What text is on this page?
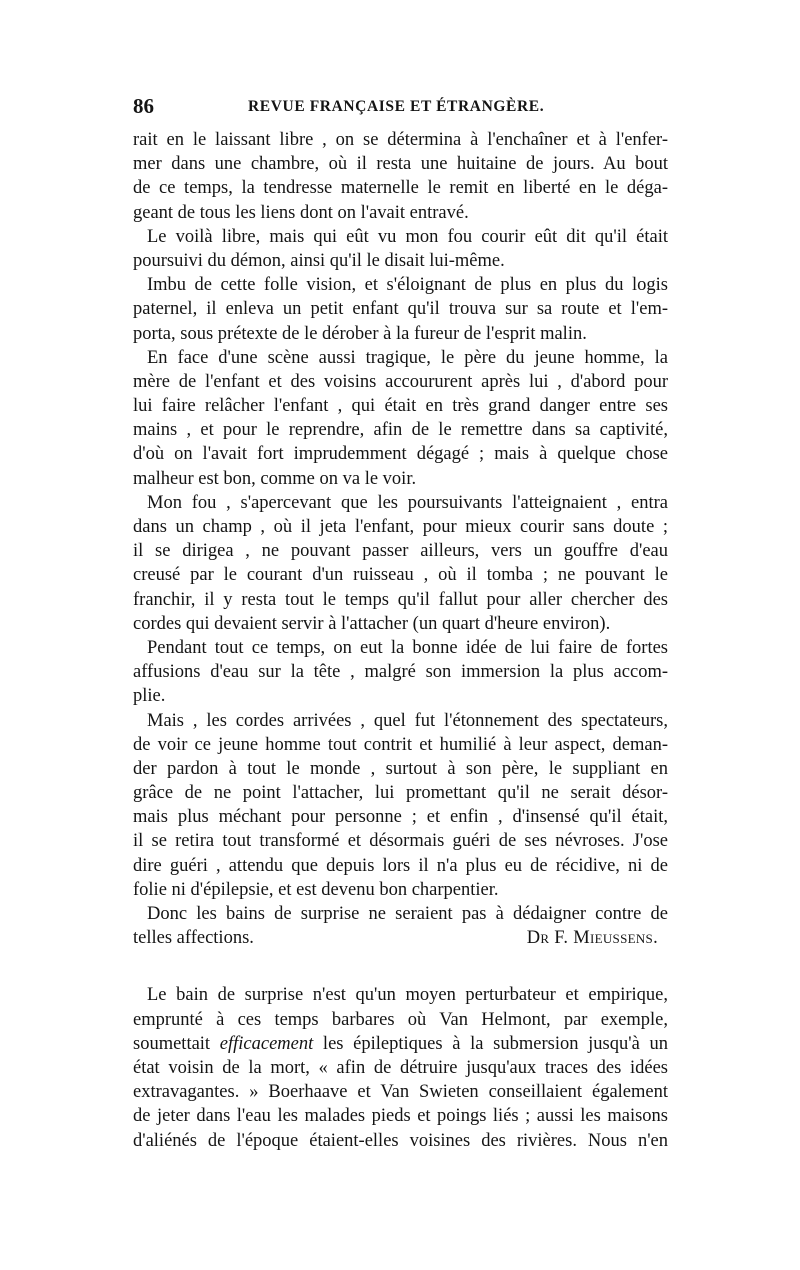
86	REVUE FRANÇAISE ET ÉTRANGÈRE.
rait en le laissant libre , on se détermina à l'enchaîner et à l'enfer-
mer dans une chambre, où il resta une huitaine de jours. Au bout
de ce temps, la tendresse maternelle le remit en liberté en le déga-
geant de tous les liens dont on l'avait entravé.
Le voilà libre, mais qui eût vu mon fou courir eût dit qu'il était
poursuivi du démon, ainsi qu'il le disait lui-même.
Imbu de cette folle vision, et s'éloignant de plus en plus du logis
paternel, il enleva un petit enfant qu'il trouva sur sa route et l'em-
porta, sous prétexte de le dérober à la fureur de l'esprit malin.
En face d'une scène aussi tragique, le père du jeune homme, la
mère de l'enfant et des voisins accoururent après lui , d'abord pour
lui faire relâcher l'enfant , qui était en très grand danger entre ses
mains , et pour le reprendre, afin de le remettre dans sa captivité,
d'où on l'avait fort imprudemment dégagé ; mais à quelque chose
malheur est bon, comme on va le voir.
Mon fou , s'apercevant que les poursuivants l'atteignaient , entra
dans un champ , où il jeta l'enfant, pour mieux courir sans doute ;
il se dirigea , ne pouvant passer ailleurs, vers un gouffre d'eau
creusé par le courant d'un ruisseau , où il tomba ; ne pouvant le
franchir, il y resta tout le temps qu'il fallut pour aller chercher des
cordes qui devaient servir à l'attacher (un quart d'heure environ).
Pendant tout ce temps, on eut la bonne idée de lui faire de fortes
affusions d'eau sur la tête , malgré son immersion la plus accom-
plie.
Mais , les cordes arrivées , quel fut l'étonnement des spectateurs,
de voir ce jeune homme tout contrit et humilié à leur aspect, deman-
der pardon à tout le monde , surtout à son père, le suppliant en
grâce de ne point l'attacher, lui promettant qu'il ne serait désor-
mais plus méchant pour personne ; et enfin , d'insensé qu'il était,
il se retira tout transformé et désormais guéri de ses névroses. J'ose
dire guéri , attendu que depuis lors il n'a plus eu de récidive, ni de
folie ni d'épilepsie, et est devenu bon charpentier.
Donc les bains de surprise ne seraient pas à dédaigner contre de
telles affections.	Dr F. Mieussens.
Le bain de surprise n'est qu'un moyen perturbateur et empirique,
emprunté à ces temps barbares où Van Helmont, par exemple,
soumettait efficacement les épileptiques à la submersion jusqu'à un
état voisin de la mort, « afin de détruire jusqu'aux traces des idées
extravagantes. » Boerhaave et Van Swieten conseillaient également
de jeter dans l'eau les malades pieds et poings liés ; aussi les maisons
d'aliénés de l'époque étaient-elles voisines des rivières. Nous n'en
